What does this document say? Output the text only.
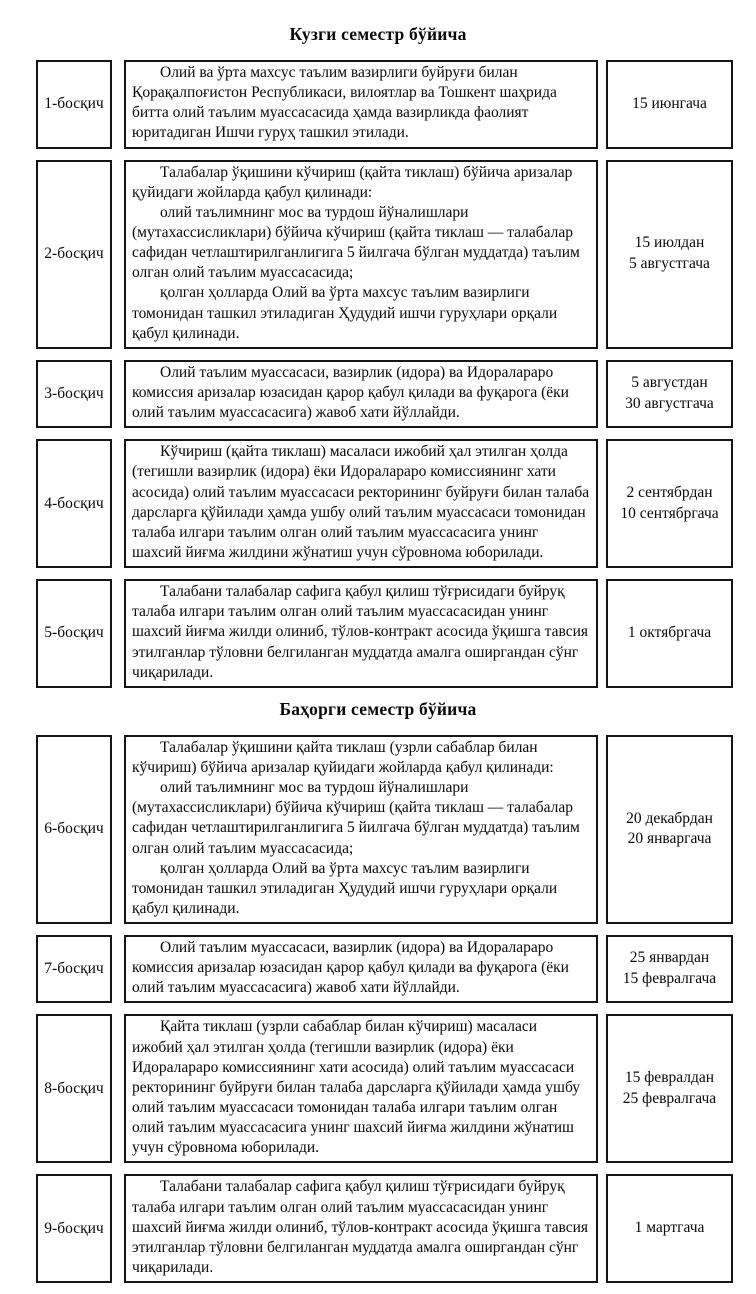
Кузги семестр бўйича
1-босқич

Олий ва ўрта махсус таълим вазирлиги буйруғи билан Қорақалпоғистон Республикаси, вилоятлар ва Тошкент шаҳрида битта олий таълим муассасасида ҳамда вазирликда фаолият юритадиган Ишчи гуруҳ ташкил этилади.

15 июнгача
2-босқич

Талабалар ўқишини кўчириш (қайта тиклаш) бўйича аризалар қуйидаги жойларда қабул қилинади:

олий таълимнинг мос ва турдош йўналишлари (мутахассисликлари) бўйича кўчириш (қайта тиклаш — талабалар сафидан четлаштирилганлигига 5 йилгача бўлган муддатда) таълим олган олий таълим муассасасида;

қолган ҳолларда Олий ва ўрта махсус таълим вазирлиги томонидан ташкил этиладиган Ҳудудий ишчи гуруҳлари орқали қабул қилинади.

15 июлдан
5 августгача
3-босқич

Олий таълим муассасаси, вазирлик (идора) ва Идоралараро комиссия аризалар юзасидан қарор қабул қилади ва фуқарога (ёки олий таълим муассасасига) жавоб хати йўллайди.

5 августдан
30 августгача
4-босқич

Кўчириш (қайта тиклаш) масаласи ижобий ҳал этилган ҳолда (тегишли вазирлик (идора) ёки Идоралараро комиссиянинг хати асосида) олий таълим муассасаси ректорининг буйруғи билан талаба дарсларга қўйилади ҳамда ушбу олий таълим муассасаси томонидан талаба илгари таълим олган олий таълим муассасасига унинг шахсий йиғма жилдини жўнатиш учун сўровнома юборилади.

2 сентябрдан
10 сентябргача
5-босқич

Талабани талабалар сафига қабул қилиш тўғрисидаги буйруқ талаба илгари таълим олган олий таълим муассасасидан унинг шахсий йиғма жилди олиниб, тўлов-контракт асосида ўқишга тавсия этилганлар тўловни белгиланган муддатда амалга оширгандан сўнг чиқарилади.

1 октябргача
Баҳорги семестр бўйича
6-босқич

Талабалар ўқишини қайта тиклаш (узрли сабаблар билан кўчириш) бўйича аризалар қуйидаги жойларда қабул қилинади:

олий таълимнинг мос ва турдош йўналишлари (мутахассисликлари) бўйича кўчириш (қайта тиклаш — талабалар сафидан четлаштирилганлигига 5 йилгача бўлган муддатда) таълим олган олий таълим муассасасида;

қолган ҳолларда Олий ва ўрта махсус таълим вазирлиги томонидан ташкил этиладиган Ҳудудий ишчи гуруҳлари орқали қабул қилинади.

20 декабрдан
20 январгача
7-босқич

Олий таълим муассасаси, вазирлик (идора) ва Идоралараро комиссия аризалар юзасидан қарор қабул қилади ва фуқарога (ёки олий таълим муассасасига) жавоб хати йўллайди.

25 январдан
15 февралгача
8-босқич

Қайта тиклаш (узрли сабаблар билан кўчириш) масаласи ижобий ҳал этилган ҳолда (тегишли вазирлик (идора) ёки Идоралараро комиссиянинг хати асосида) олий таълим муассасаси ректорининг буйруғи билан талаба дарсларга қўйилади ҳамда ушбу олий таълим муассасаси томонидан талаба илгари таълим олган олий таълим муассасасига унинг шахсий йиғма жилдини жўнатиш учун сўровнома юборилади.

15 февралдан
25 февралгача
9-босқич

Талабани талабалар сафига қабул қилиш тўғрисидаги буйруқ талаба илгари таълим олган олий таълим муассасасидан унинг шахсий йиғма жилди олиниб, тўлов-контракт асосида ўқишга тавсия этилганлар тўловни белгиланган муддатда амалга оширгандан сўнг чиқарилади.

1 мартгача
